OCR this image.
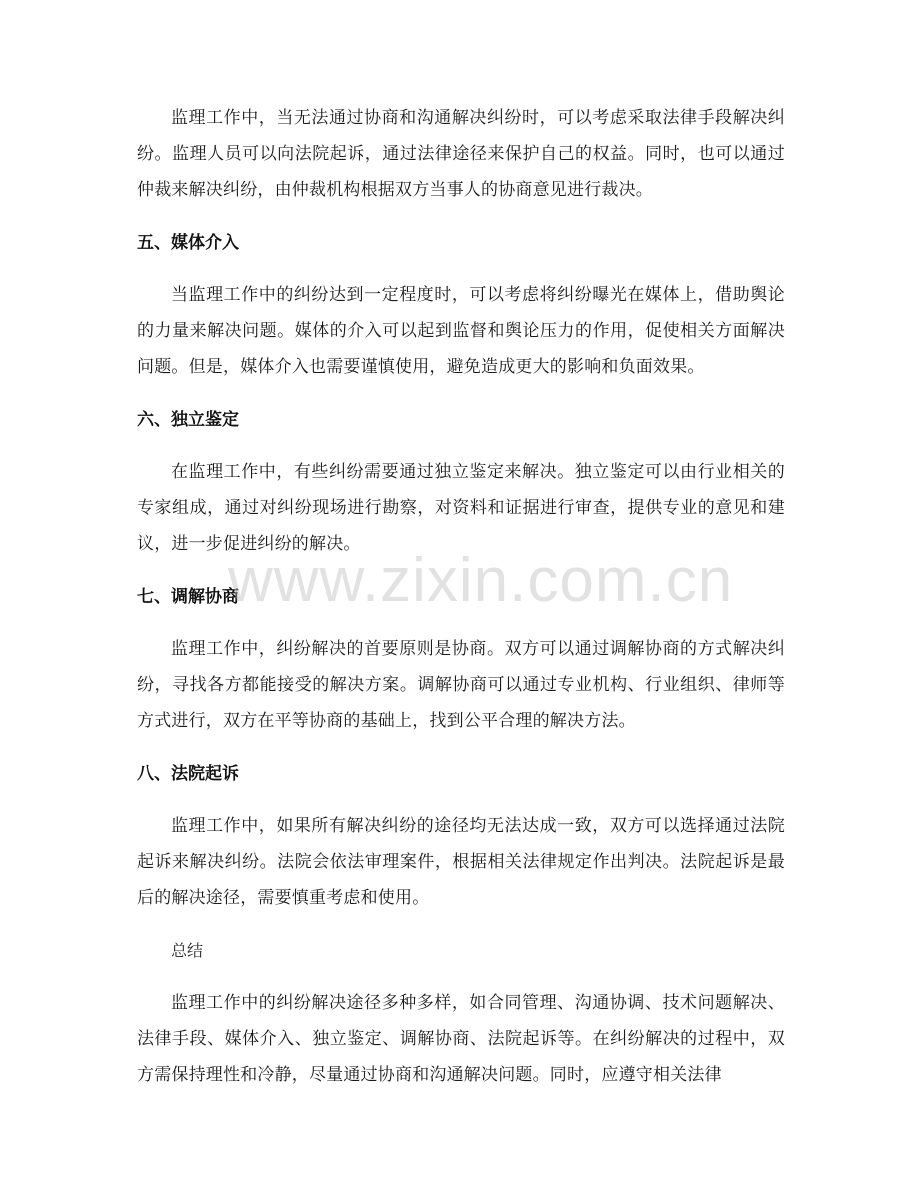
监理工作中，当无法通过协商和沟通解决纠纷时，可以考虑采取法律手段解决纠纷。监理人员可以向法院起诉，通过法律途径来保护自己的权益。同时，也可以通过仲裁来解决纠纷，由仲裁机构根据双方当事人的协商意见进行裁决。

五、媒体介入

当监理工作中的纠纷达到一定程度时，可以考虑将纠纷曝光在媒体上，借助舆论的力量来解决问题。媒体的介入可以起到监督和舆论压力的作用，促使相关方面解决问题。但是，媒体介入也需要谨慎使用，避免造成更大的影响和负面效果。

六、独立鉴定

在监理工作中，有些纠纷需要通过独立鉴定来解决。独立鉴定可以由行业相关的专家组成，通过对纠纷现场进行勘察，对资料和证据进行审查，提供专业的意见和建议，进一步促进纠纷的解决。

七、调解协商

监理工作中，纠纷解决的首要原则是协商。双方可以通过调解协商的方式解决纠纷，寻找各方都能接受的解决方案。调解协商可以通过专业机构、行业组织、律师等方式进行，双方在平等协商的基础上，找到公平合理的解决方法。

八、法院起诉

监理工作中，如果所有解决纠纷的途径均无法达成一致，双方可以选择通过法院起诉来解决纠纷。法院会依法审理案件，根据相关法律规定作出判决。法院起诉是最后的解决途径，需要慎重考虑和使用。

总结

监理工作中的纠纷解决途径多种多样，如合同管理、沟通协调、技术问题解决、法律手段、媒体介入、独立鉴定、调解协商、法院起诉等。在纠纷解决的过程中，双方需保持理性和冷静，尽量通过协商和沟通解决问题。同时，应遵守相关法律

www.zixin.com.cn
